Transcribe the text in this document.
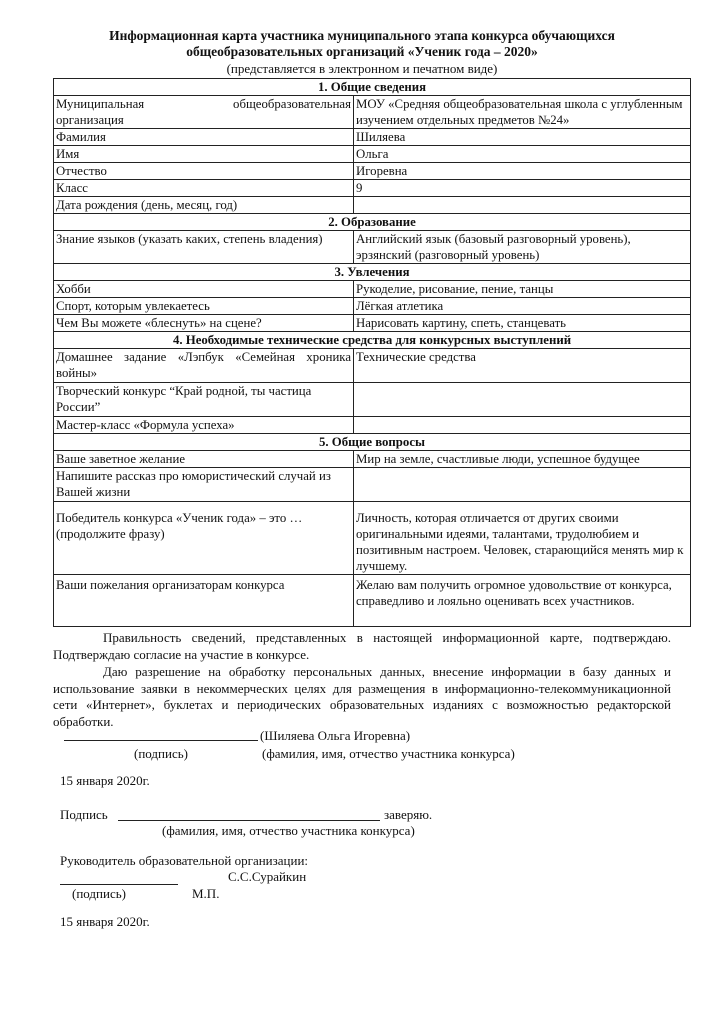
Информационная карта участника муниципального этапа конкурса обучающихся
общеобразовательных организаций «Ученик года – 2020»
(представляется в электронном и печатном виде)
1. Общие сведения	

Муниципальная общеобразовательная
организация	МОУ «Средняя общеобразовательная школа с углубленным изучением отдельных предметов №24»
Фамилия	Шиляева
Имя	Ольга
Отчество	Игоревна
Класс	9
Дата рождения (день, месяц, год)	
2. Образование	
Знание языков (указать каких, степень владения)	Английский язык (базовый разговорный уровень), эрзянский (разговорный уровень)
3. Увлечения	
Хобби	Рукоделие, рисование, пение, танцы
Спорт, которым увлекаетесь	Лёгкая атлетика
Чем Вы можете «блеснуть» на сцене?	Нарисовать картину, спеть, станцевать
4. Необходимые технические средства для конкурсных выступлений	
Домашнее задание «Лэпбук «Семейная хроника войны»	Технические средства
Творческий конкурс “Край родной, ты частица России”	
Мастер-класс «Формула успеха»	
5. Общие вопросы	
Ваше заветное желание	Мир на земле, счастливые люди, успешное будущее
Напишите рассказ про юмористический случай из Вашей жизни	
Победитель конкурса «Ученик года» – это … (продолжите фразу)	Личность, которая отличается от других своими оригинальными идеями, талантами, трудолюбием и позитивным настроем. Человек, старающийся менять мир к лучшему.
Ваши пожелания организаторам конкурса	Желаю вам получить огромное удовольствие от конкурса, справедливо и лояльно оценивать всех участников.
Правильность сведений, представленных в настоящей информационной карте, подтверждаю. Подтверждаю согласие на участие в конкурсе.
Даю разрешение на обработку персональных данных, внесение информации в базу данных и использование заявки в некоммерческих целях для размещения в информационно-телекоммуникационной сети «Интернет», буклетах и периодических образовательных изданиях с возможностью редакторской обработки.
(Шиляева Ольга Игоревна)
(подпись)	(фамилия, имя, отчество участника конкурса)
15 января 2020г.
Подпись	заверяю.
(фамилия, имя, отчество участника конкурса)
Руководитель образовательной организации:
С.С.Сурайкин
(подпись)	М.П.
15 января 2020г.
